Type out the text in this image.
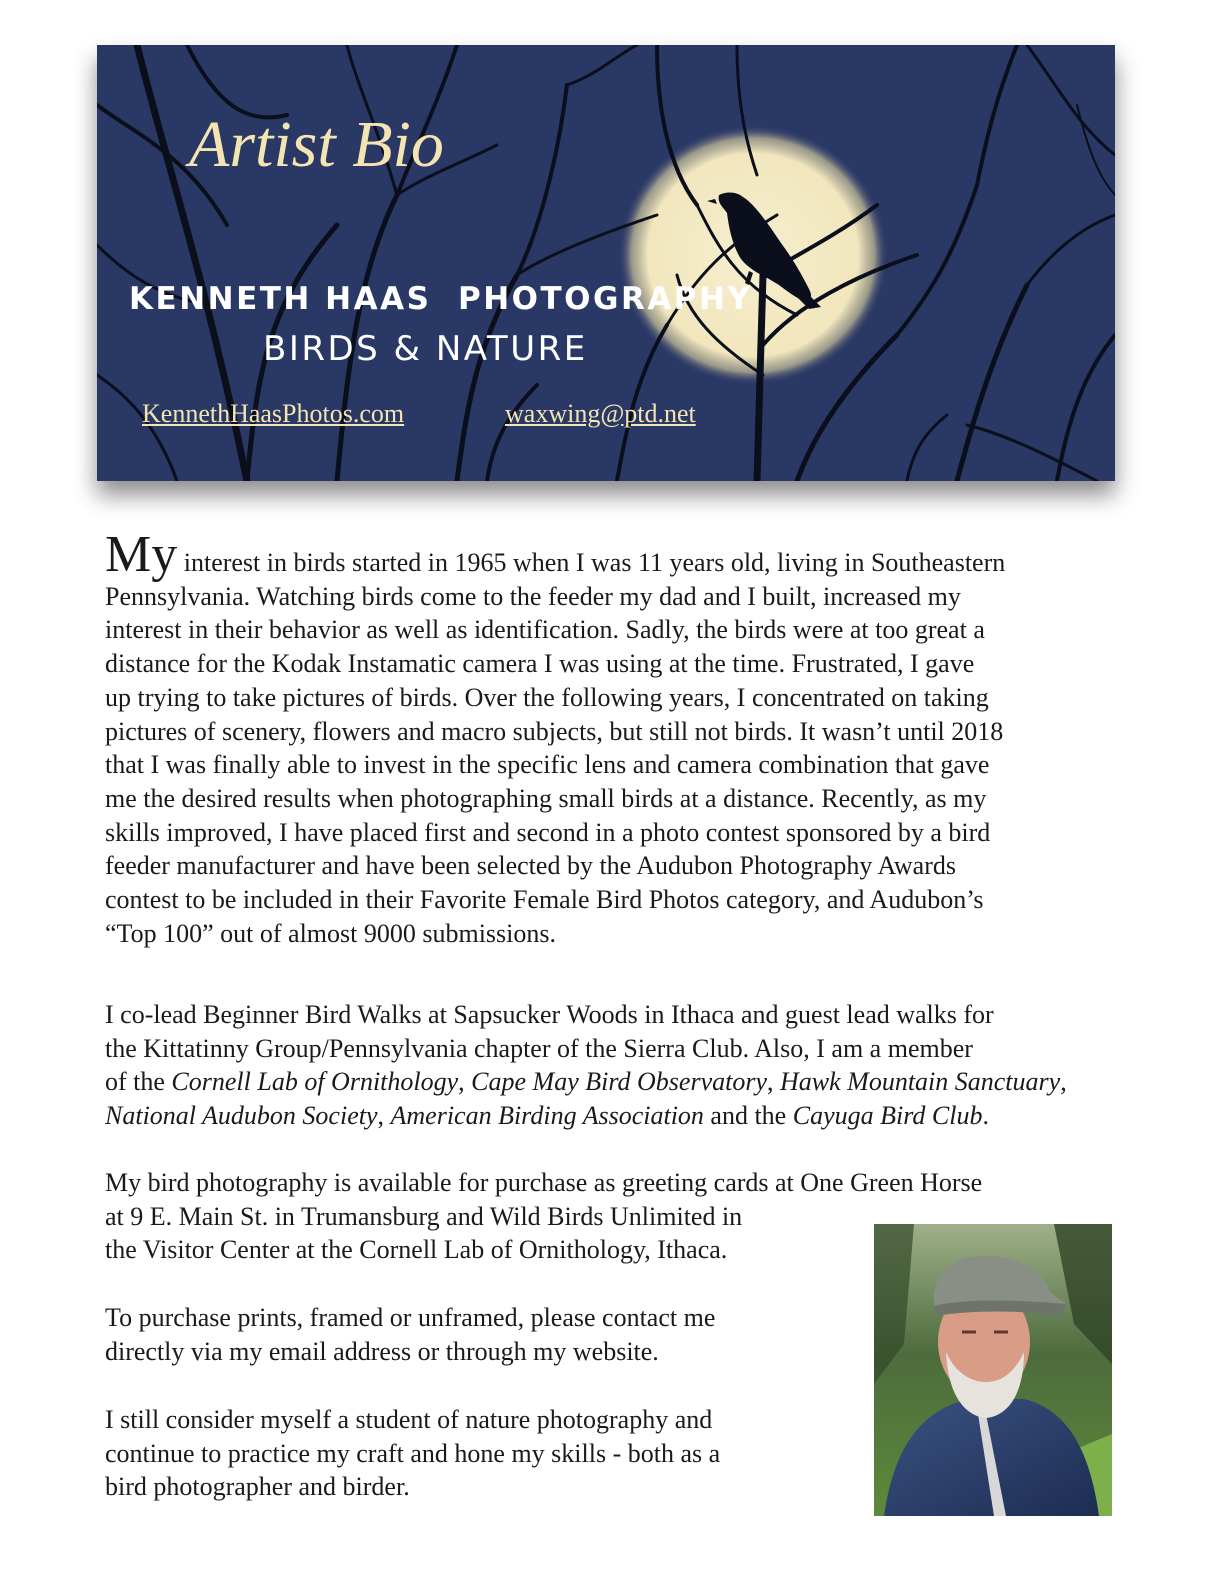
Artist Bio
KENNETH HAAS  PHOTOGRAPHY
BIRDS & NATURE
KennethHaasPhotos.com	waxwing@ptd.net

My interest in birds started in 1965 when I was 11 years old, living in Southeastern
Pennsylvania. Watching birds come to the feeder my dad and I built, increased my
interest in their behavior as well as identification. Sadly, the birds were at too great a
distance for the Kodak Instamatic camera I was using at the time. Frustrated, I gave
up trying to take pictures of birds. Over the following years, I concentrated on taking
pictures of scenery, flowers and macro subjects, but still not birds. It wasn’t until 2018
that I was finally able to invest in the specific lens and camera combination that gave
me the desired results when photographing small birds at a distance. Recently, as my
skills improved, I have placed first and second in a photo contest sponsored by a bird
feeder manufacturer and have been selected by the Audubon Photography Awards
contest to be included in their Favorite Female Bird Photos category, and Audubon’s
“Top 100” out of almost 9000 submissions.

I co-lead Beginner Bird Walks at Sapsucker Woods in Ithaca and guest lead walks for
the Kittatinny Group/Pennsylvania chapter of the Sierra Club. Also, I am a member
of the Cornell Lab of Ornithology, Cape May Bird Observatory, Hawk Mountain Sanctuary,
National Audubon Society, American Birding Association and the Cayuga Bird Club.

My bird photography is available for purchase as greeting cards at One Green Horse
at 9 E. Main St. in Trumansburg and Wild Birds Unlimited in
the Visitor Center at the Cornell Lab of Ornithology, Ithaca.

To purchase prints, framed or unframed, please contact me
directly via my email address or through my website.

I still consider myself a student of nature photography and
continue to practice my craft and hone my skills - both as a
bird photographer and birder.
